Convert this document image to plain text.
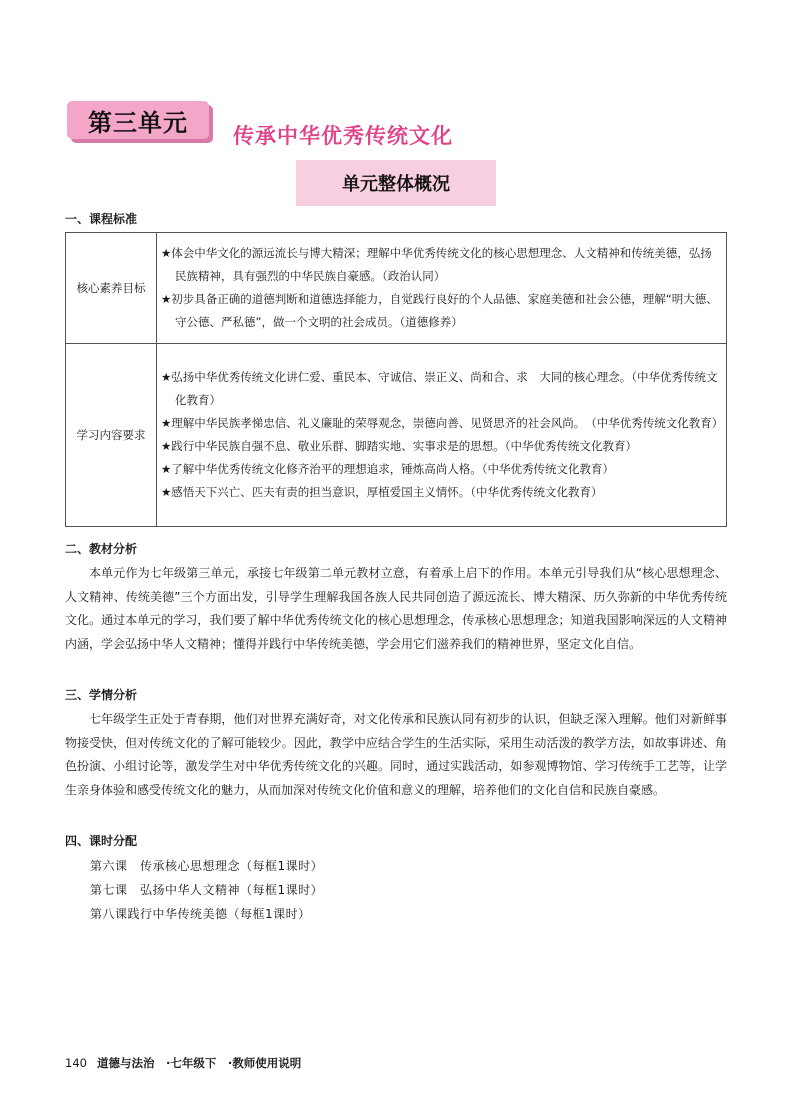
第三单元 传承中华优秀传统文化
单元整体概况
一、课程标准
核心素养目标	★体会中华文化的源远流长与博大精深；理解中华优秀传统文化的核心思想理念、人文精神和传统美德，弘扬民族精神，具有强烈的中华民族自豪感。（政治认同）
★初步具备正确的道德判断和道德选择能力，自觉践行良好的个人品德、家庭美德和社会公德，理解“明大德、守公德、严私德”，做一个文明的社会成员。（道德修养）

学习内容要求	★弘扬中华优秀传统文化讲仁爱、重民本、守诚信、崇正义、尚和合、求　大同的核心理念。（中华优秀传统文化教育）
★理解中华民族孝悌忠信、礼义廉耻的荣辱观念，崇德向善、见贤思齐的社会风尚。　（中华优秀传统文化教育）
★践行中华民族自强不息、敬业乐群、脚踏实地、实事求是的思想。（中华优秀传统文化教育）
★了解中华优秀传统文化修齐治平的理想追求，锤炼高尚人格。（中华优秀传统文化教育）
★感悟天下兴亡、匹夫有责的担当意识，厚植爱国主义情怀。（中华优秀传统文化教育）
二、教材分析
本单元作为七年级第三单元，承接七年级第二单元教材立意，有着承上启下的作用。本单元引导我们从“核心思想理念、人文精神、传统美德”三个方面出发，引导学生理解我国各族人民共同创造了源远流长、博大精深、历久弥新的中华优秀传统文化。通过本单元的学习，我们要了解中华优秀传统文化的核心思想理念，传承核心思想理念；知道我国影响深远的人文精神内涵，学会弘扬中华人文精神；懂得并践行中华传统美德，学会用它们滋养我们的精神世界，坚定文化自信。
三、学情分析
七年级学生正处于青春期，他们对世界充满好奇，对文化传承和民族认同有初步的认识，但缺乏深入理解。他们对新鲜事物接受快，但对传统文化的了解可能较少。因此，教学中应结合学生的生活实际，采用生动活泼的教学方法，如故事讲述、角色扮演、小组讨论等，激发学生对中华优秀传统文化的兴趣。同时，通过实践活动，如参观博物馆、学习传统手工艺等，让学生亲身体验和感受传统文化的魅力，从而加深对传统文化价值和意义的理解，培养他们的文化自信和民族自豪感。
四、课时分配
第六课　传承核心思想理念（每框1课时）
第七课　弘扬中华人文精神（每框1课时）
第八课践行中华传统美德（每框1课时）
140 道德与法治　·七年级下　·教师使用说明
